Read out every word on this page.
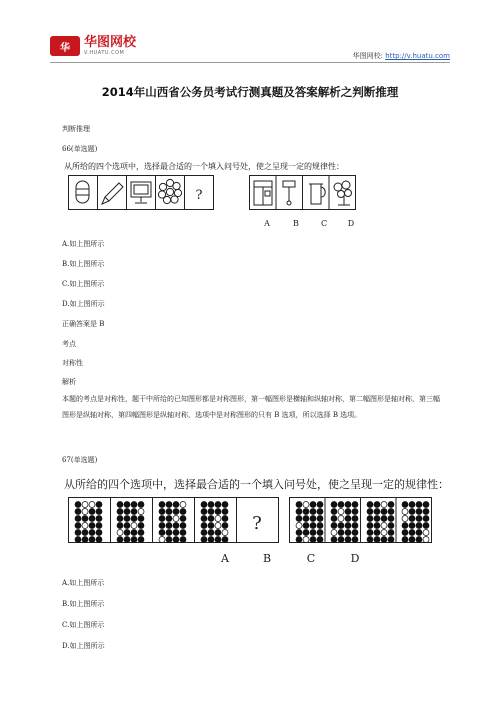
华	华图网校
V.HUATU.COM	华图网校: http://v.huatu.com
2014年山西省公务员考试行测真题及答案解析之判断推理
判断推理
66(单选题)
从所给的四个选项中，选择最合适的一个填入问号处，使之呈现一定的规律性：
?
A	B	C	D
A.如上图所示
B.如上图所示
C.如上图所示
D.如上图所示
正确答案是 B
考点
对称性
解析
本题的考点是对称性，题干中所给的已知图形都是对称图形，第一幅图形是横轴和纵轴对称，第二幅图形是轴对称，第三幅图形是纵轴对称，第四幅图形是纵轴对称，选项中是对称图形的只有 B 选项，所以选择 B 选项。
67(单选题)
从所给的四个选项中，选择最合适的一个填入问号处，使之呈现一定的规律性：
?
A	B	C	D
A.如上图所示
B.如上图所示
C.如上图所示
D.如上图所示
